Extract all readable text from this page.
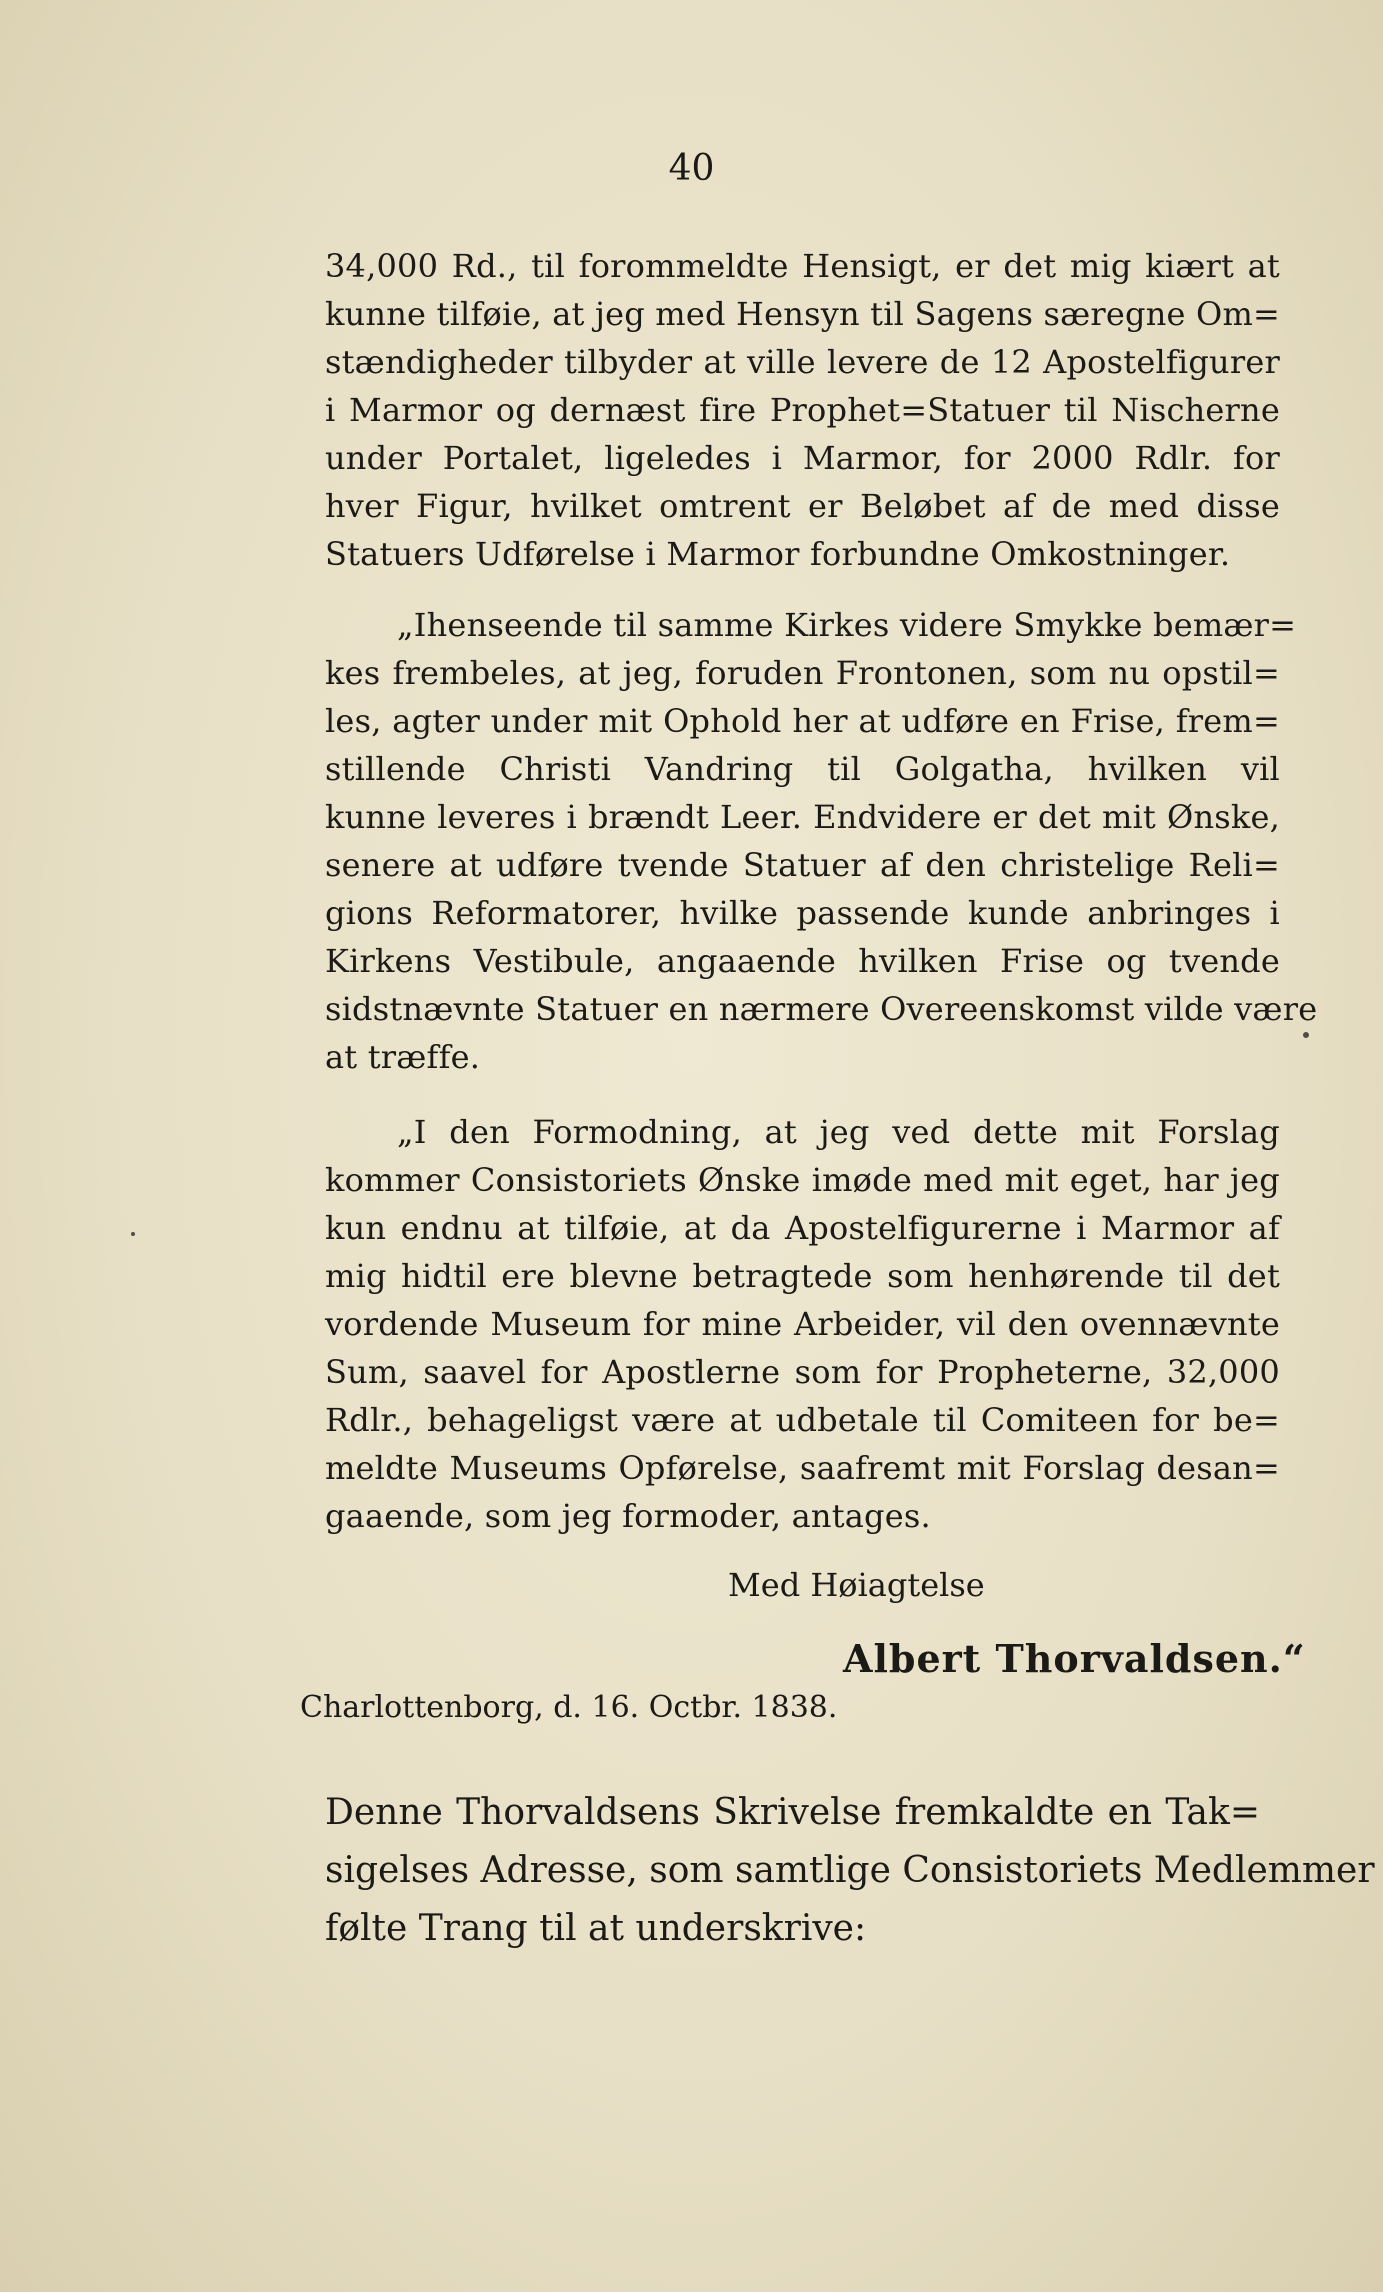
40
34,000 Rd., til forommeldte Hensigt, er det mig kiært at
kunne tilføie, at jeg med Hensyn til Sagens særegne Om=
stændigheder tilbyder at ville levere de 12 Apostelfigurer
i Marmor og dernæst fire Prophet=Statuer til Nischerne
under Portalet, ligeledes i Marmor, for 2000 Rdlr. for
hver Figur, hvilket omtrent er Beløbet af de med disse
Statuers Udførelse i Marmor forbundne Omkostninger.
„Ihenseende til samme Kirkes videre Smykke bemær=
kes frembeles, at jeg, foruden Frontonen, som nu opstil=
les, agter under mit Ophold her at udføre en Frise, frem=
stillende Christi Vandring til Golgatha, hvilken vil
kunne leveres i brændt Leer. Endvidere er det mit Ønske,
senere at udføre tvende Statuer af den christelige Reli=
gions Reformatorer, hvilke passende kunde anbringes i
Kirkens Vestibule, angaaende hvilken Frise og tvende
sidstnævnte Statuer en nærmere Overeenskomst vilde være
at træffe.
„I den Formodning, at jeg ved dette mit Forslag
kommer Consistoriets Ønske imøde med mit eget, har jeg
kun endnu at tilføie, at da Apostelfigurerne i Marmor af
mig hidtil ere blevne betragtede som henhørende til det
vordende Museum for mine Arbeider, vil den ovennævnte
Sum, saavel for Apostlerne som for Propheterne, 32,000
Rdlr., behageligst være at udbetale til Comiteen for be=
meldte Museums Opførelse, saafremt mit Forslag desan=
gaaende, som jeg formoder, antages.
Med Høiagtelse
Albert Thorvaldsen.“
Charlottenborg, d. 16. Octbr. 1838.
Denne Thorvaldsens Skrivelse fremkaldte en Tak=
sigelses Adresse, som samtlige Consistoriets Medlemmer
følte Trang til at underskrive:
